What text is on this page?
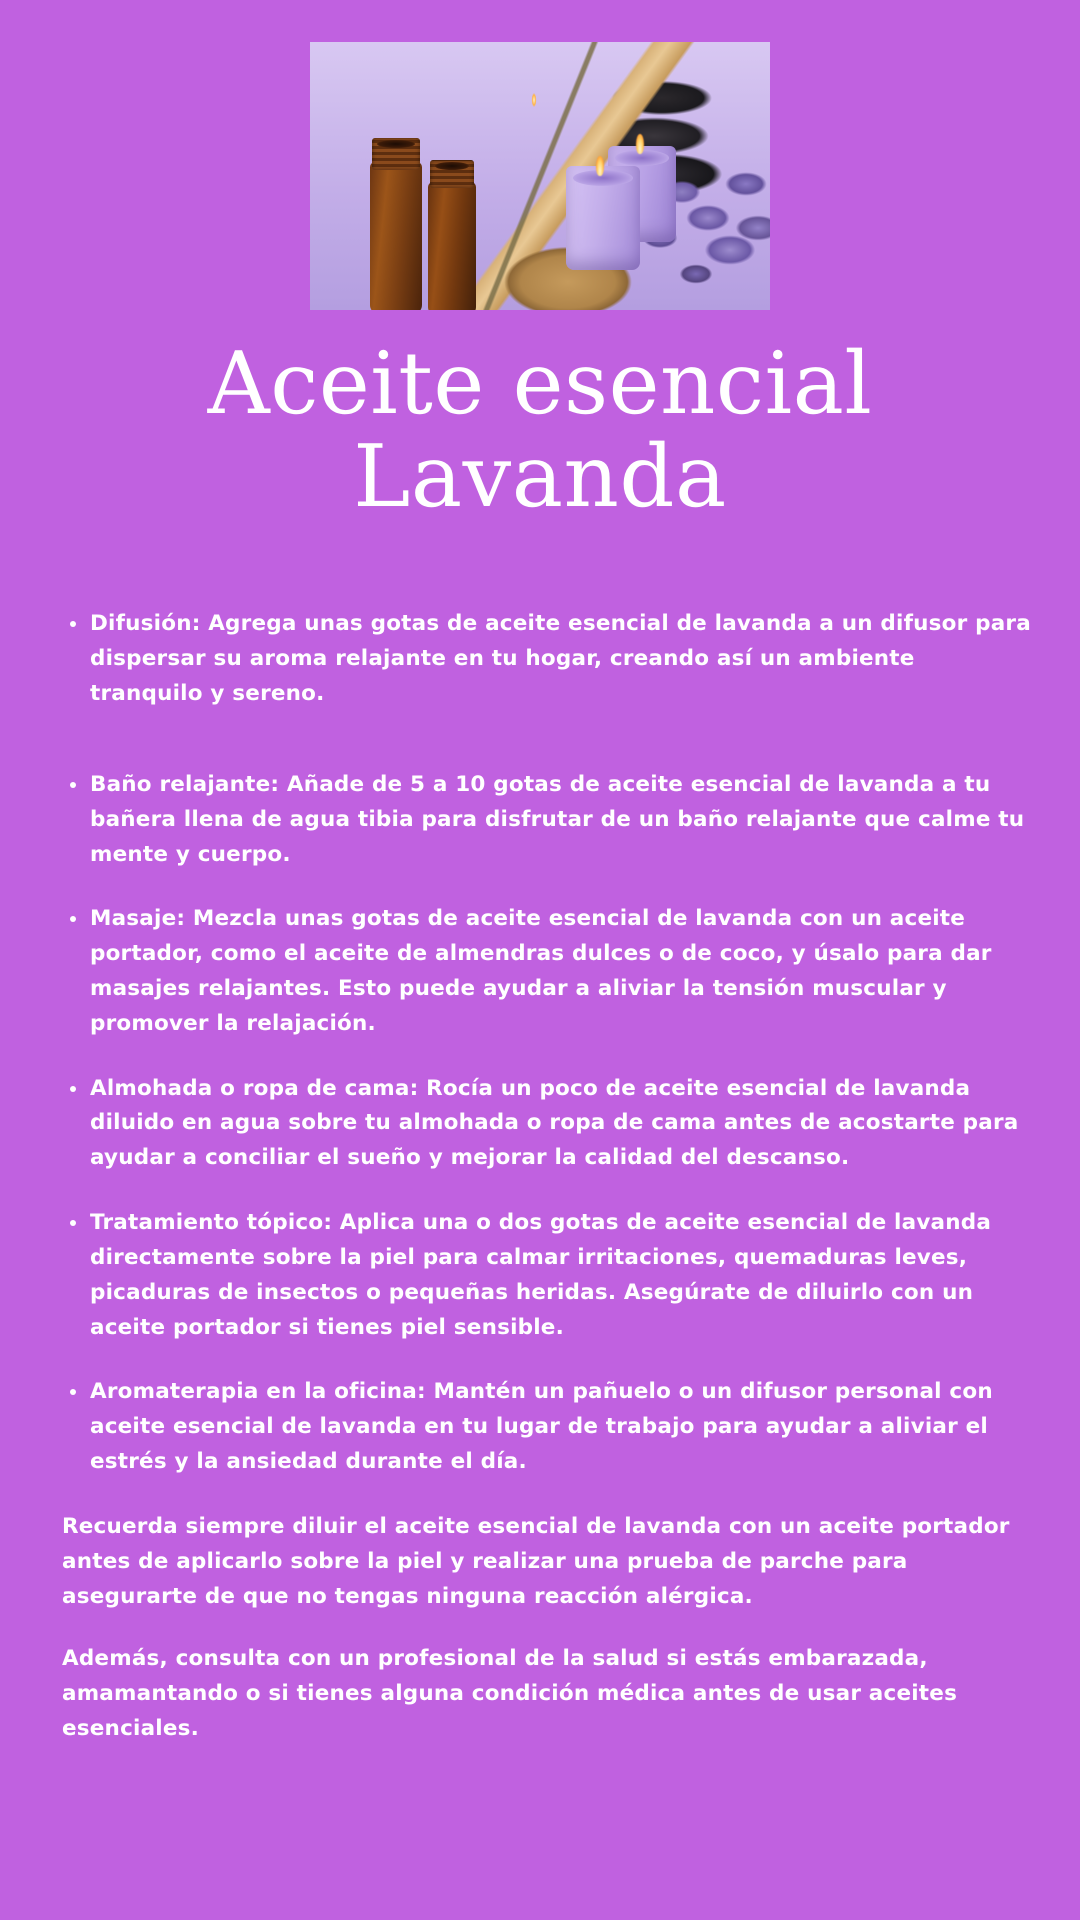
Aceite esencial
Lavanda
Difusión: Agrega unas gotas de aceite esencial de lavanda a un difusor para dispersar su aroma relajante en tu hogar, creando así un ambiente tranquilo y sereno.
Baño relajante: Añade de 5 a 10 gotas de aceite esencial de lavanda a tu bañera llena de agua tibia para disfrutar de un baño relajante que calme tu mente y cuerpo.
Masaje: Mezcla unas gotas de aceite esencial de lavanda con un aceite portador, como el aceite de almendras dulces o de coco, y úsalo para dar masajes relajantes. Esto puede ayudar a aliviar la tensión muscular y promover la relajación.
Almohada o ropa de cama: Rocía un poco de aceite esencial de lavanda diluido en agua sobre tu almohada o ropa de cama antes de acostarte para ayudar a conciliar el sueño y mejorar la calidad del descanso.
Tratamiento tópico: Aplica una o dos gotas de aceite esencial de lavanda directamente sobre la piel para calmar irritaciones, quemaduras leves, picaduras de insectos o pequeñas heridas. Asegúrate de diluirlo con un aceite portador si tienes piel sensible.
Aromaterapia en la oficina: Mantén un pañuelo o un difusor personal con aceite esencial de lavanda en tu lugar de trabajo para ayudar a aliviar el estrés y la ansiedad durante el día.

Recuerda siempre diluir el aceite esencial de lavanda con un aceite portador antes de aplicarlo sobre la piel y realizar una prueba de parche para asegurarte de que no tengas ninguna reacción alérgica.

Además, consulta con un profesional de la salud si estás embarazada, amamantando o si tienes alguna condición médica antes de usar aceites esenciales.
